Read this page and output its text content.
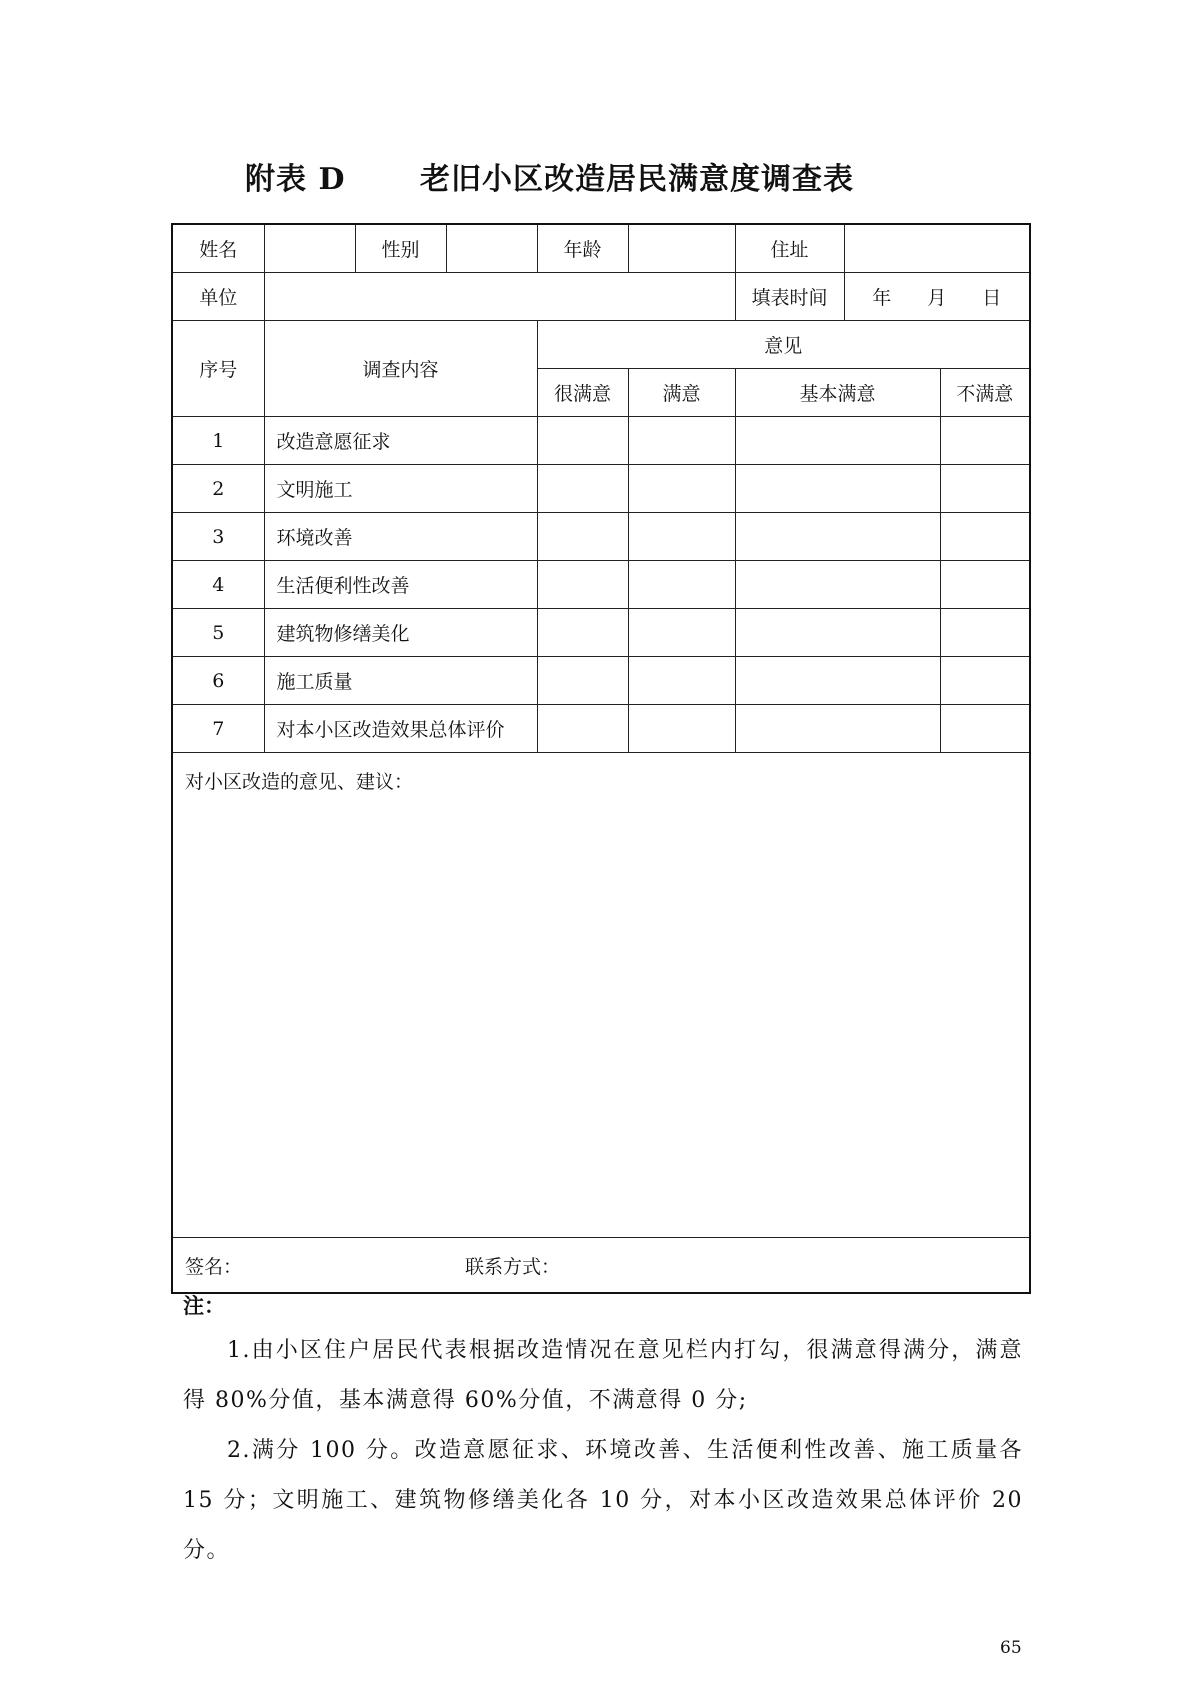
附表 D 老旧小区改造居民满意度调查表
姓名		性别		年龄		住址		
单位						填表时间	年 月 日	
序号	调查内容			意见				
				很满意	满意	基本满意		不满意
1	改造意愿征求							
2	文明施工							
3	环境改善							
4	生活便利性改善							
5	建筑物修缮美化							
6	施工质量							
7	对本小区改造效果总体评价							
对小区改造的意见、建议：								
签名： 联系方式：								
注：

1.由小区住户居民代表根据改造情况在意见栏内打勾，很满意得满分，满意得 80%分值，基本满意得 60%分值，不满意得 0 分;

2.满分 100 分。改造意愿征求、环境改善、生活便利性改善、施工质量各 15 分；文明施工、建筑物修缮美化各 10 分，对本小区改造效果总体评价 20 分。

65
